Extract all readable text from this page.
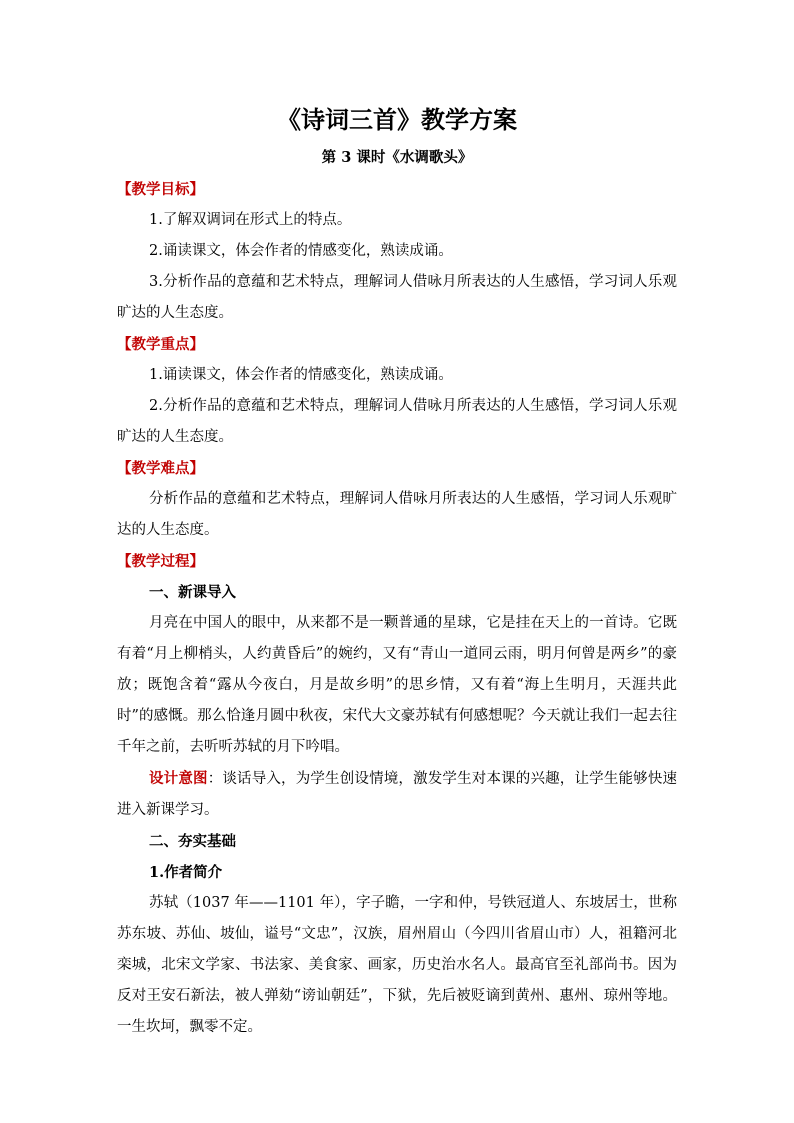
《诗词三首》教学方案
第 3 课时《水调歌头》

【教学目标】

1.了解双调词在形式上的特点。

2.诵读课文，体会作者的情感变化，熟读成诵。

3.分析作品的意蕴和艺术特点，理解词人借咏月所表达的人生感悟，学习词人乐观旷达的人生态度。

【教学重点】

1.诵读课文，体会作者的情感变化，熟读成诵。

2.分析作品的意蕴和艺术特点，理解词人借咏月所表达的人生感悟，学习词人乐观旷达的人生态度。

【教学难点】

分析作品的意蕴和艺术特点，理解词人借咏月所表达的人生感悟，学习词人乐观旷达的人生态度。

【教学过程】

一、新课导入

月亮在中国人的眼中，从来都不是一颗普通的星球，它是挂在天上的一首诗。它既有着“月上柳梢头，人约黄昏后”的婉约，又有“青山一道同云雨，明月何曾是两乡”的豪放；既饱含着“露从今夜白，月是故乡明”的思乡情，又有着“海上生明月，天涯共此时”的感慨。那么恰逢月圆中秋夜，宋代大文豪苏轼有何感想呢？今天就让我们一起去往千年之前，去听听苏轼的月下吟唱。

设计意图：谈话导入，为学生创设情境，激发学生对本课的兴趣，让学生能够快速进入新课学习。

二、夯实基础

1.作者简介

苏轼（1037 年——1101 年），字子瞻，一字和仲，号铁冠道人、东坡居士，世称苏东坡、苏仙、坡仙，谥号“文忠”，汉族，眉州眉山（今四川省眉山市）人，祖籍河北栾城，北宋文学家、书法家、美食家、画家，历史治水名人。最高官至礼部尚书。因为反对王安石新法，被人弹劾“谤讪朝廷”，下狱，先后被贬谪到黄州、惠州、琼州等地。一生坎坷，飘零不定。
